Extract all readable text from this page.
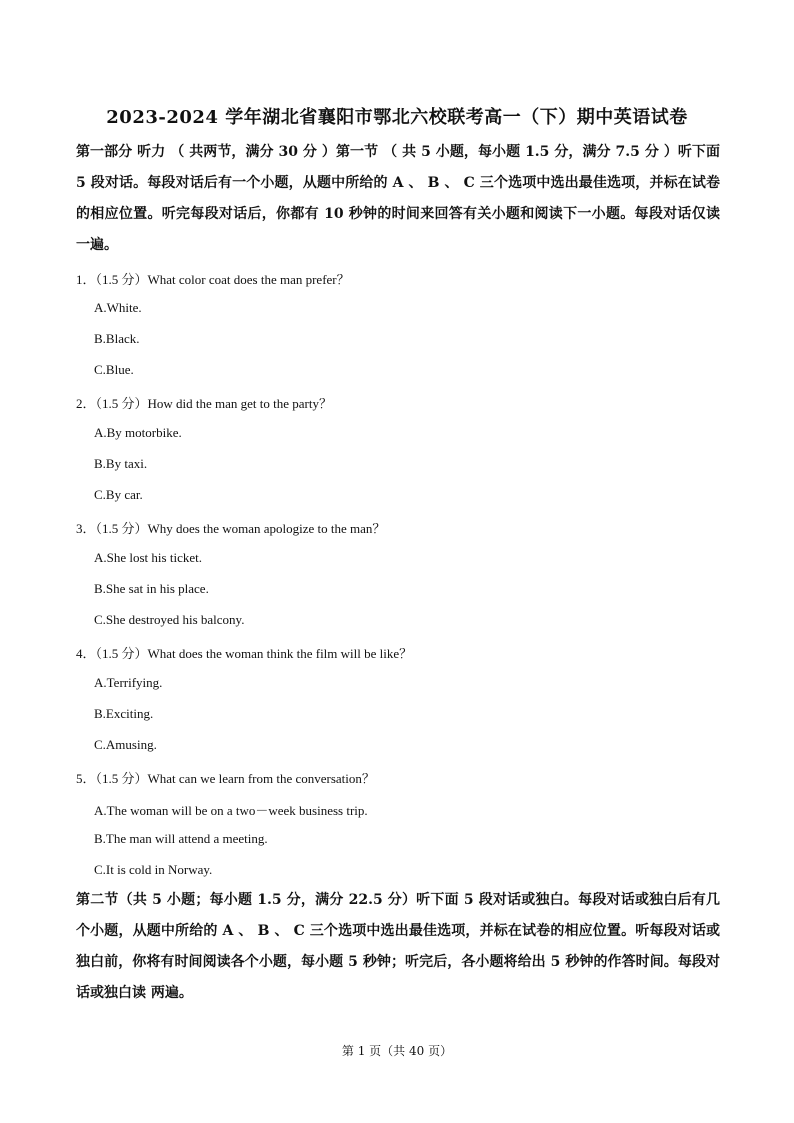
2023-2024 学年湖北省襄阳市鄂北六校联考高一（下）期中英语试卷
第一部分 听力 （ 共两节，满分 30 分 ）第一节 （ 共 5 小题，每小题 1.5 分，满分 7.5 分 ）听下面 5 段对话。每段对话后有一个小题，从题中所给的 A 、 B 、 C 三个选项中选出最佳选项，并标在试卷的相应位置。听完每段对话后，你都有 10 秒钟的时间来回答有关小题和阅读下一小题。每段对话仅读一遍。
1．（1.5 分）What color coat does the man prefer？
A.White.
B.Black.
C.Blue.
2．（1.5 分）How did the man get to the party？
A.By motorbike.
B.By taxi.
C.By car.
3．（1.5 分）Why does the woman apologize to the man？
A.She lost his ticket.
B.She sat in his place.
C.She destroyed his balcony.
4．（1.5 分）What does the woman think the film will be like？
A.Terrifying.
B.Exciting.
C.Amusing.
5．（1.5 分）What can we learn from the conversation？
A.The woman will be on a two－week business trip.
B.The man will attend a meeting.
C.It is cold in Norway.
第二节（共 5 小题；每小题 1.5 分，满分 22.5 分）听下面 5 段对话或独白。每段对话或独白后有几个小题，从题中所给的 A 、 B 、 C 三个选项中选出最佳选项，并标在试卷的相应位置。听每段对话或独白前，你将有时间阅读各个小题，每小题 5 秒钟；听完后，各小题将给出 5 秒钟的作答时间。每段对话或独白读 两遍。
第 1 页（共 40 页）
